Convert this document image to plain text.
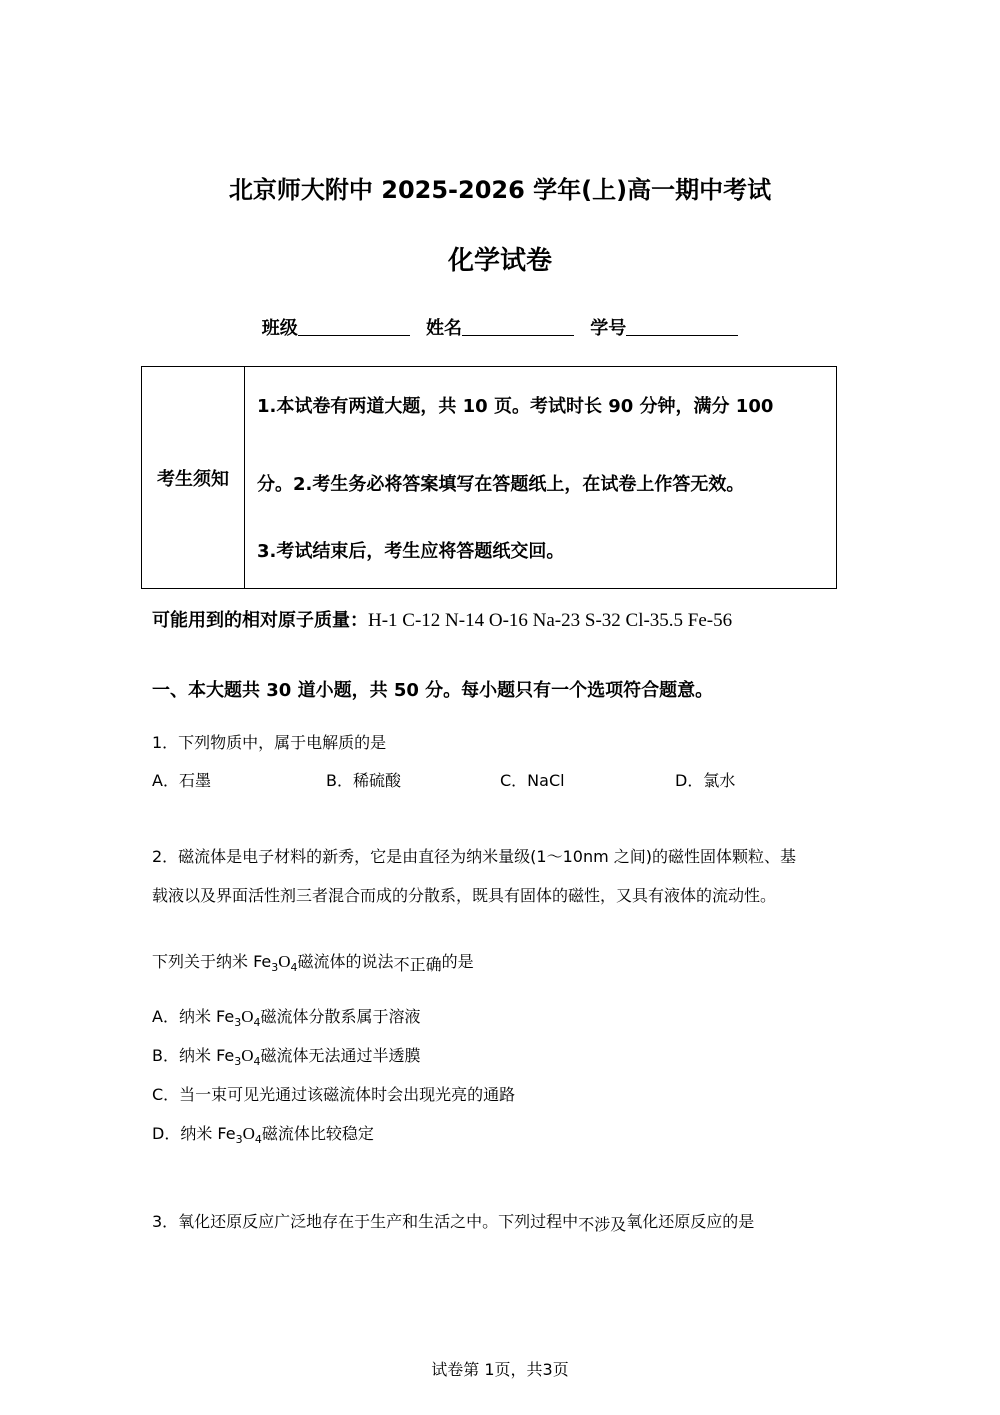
北京师大附中 2025-2026 学年(上)高一期中考试
化学试卷
班级	姓名	学号
考生须知
1.本试卷有两道大题，共 10 页。考试时长 90 分钟，满分 100
分。2.考生务必将答案填写在答题纸上，在试卷上作答无效。
3.考试结束后，考生应将答题纸交回。
可能用到的相对原子质量：H-1 C-12 N-14 O-16 Na-23 S-32 Cl-35.5 Fe-56
一、本大题共 30 道小题，共 50 分。每小题只有一个选项符合题意。
1．下列物质中，属于电解质的是
A．石墨	B．稀硫酸	C．NaCl	D．氯水
2．磁流体是电子材料的新秀，它是由直径为纳米量级(1～10nm 之间)的磁性固体颗粒、基
载液以及界面活性剂三者混合而成的分散系，既具有固体的磁性，又具有液体的流动性。
下列关于纳米 $Fe_3O_4$磁流体的说法不正确的是
A．纳米 $Fe_3O_4$磁流体分散系属于溶液
B．纳米 $Fe_3O_4$磁流体无法通过半透膜
C．当一束可见光通过该磁流体时会出现光亮的通路
D．纳米 $Fe_3O_4$磁流体比较稳定
3．氧化还原反应广泛地存在于生产和生活之中。下列过程中不涉及氧化还原反应的是
试卷第 1页，共3页
